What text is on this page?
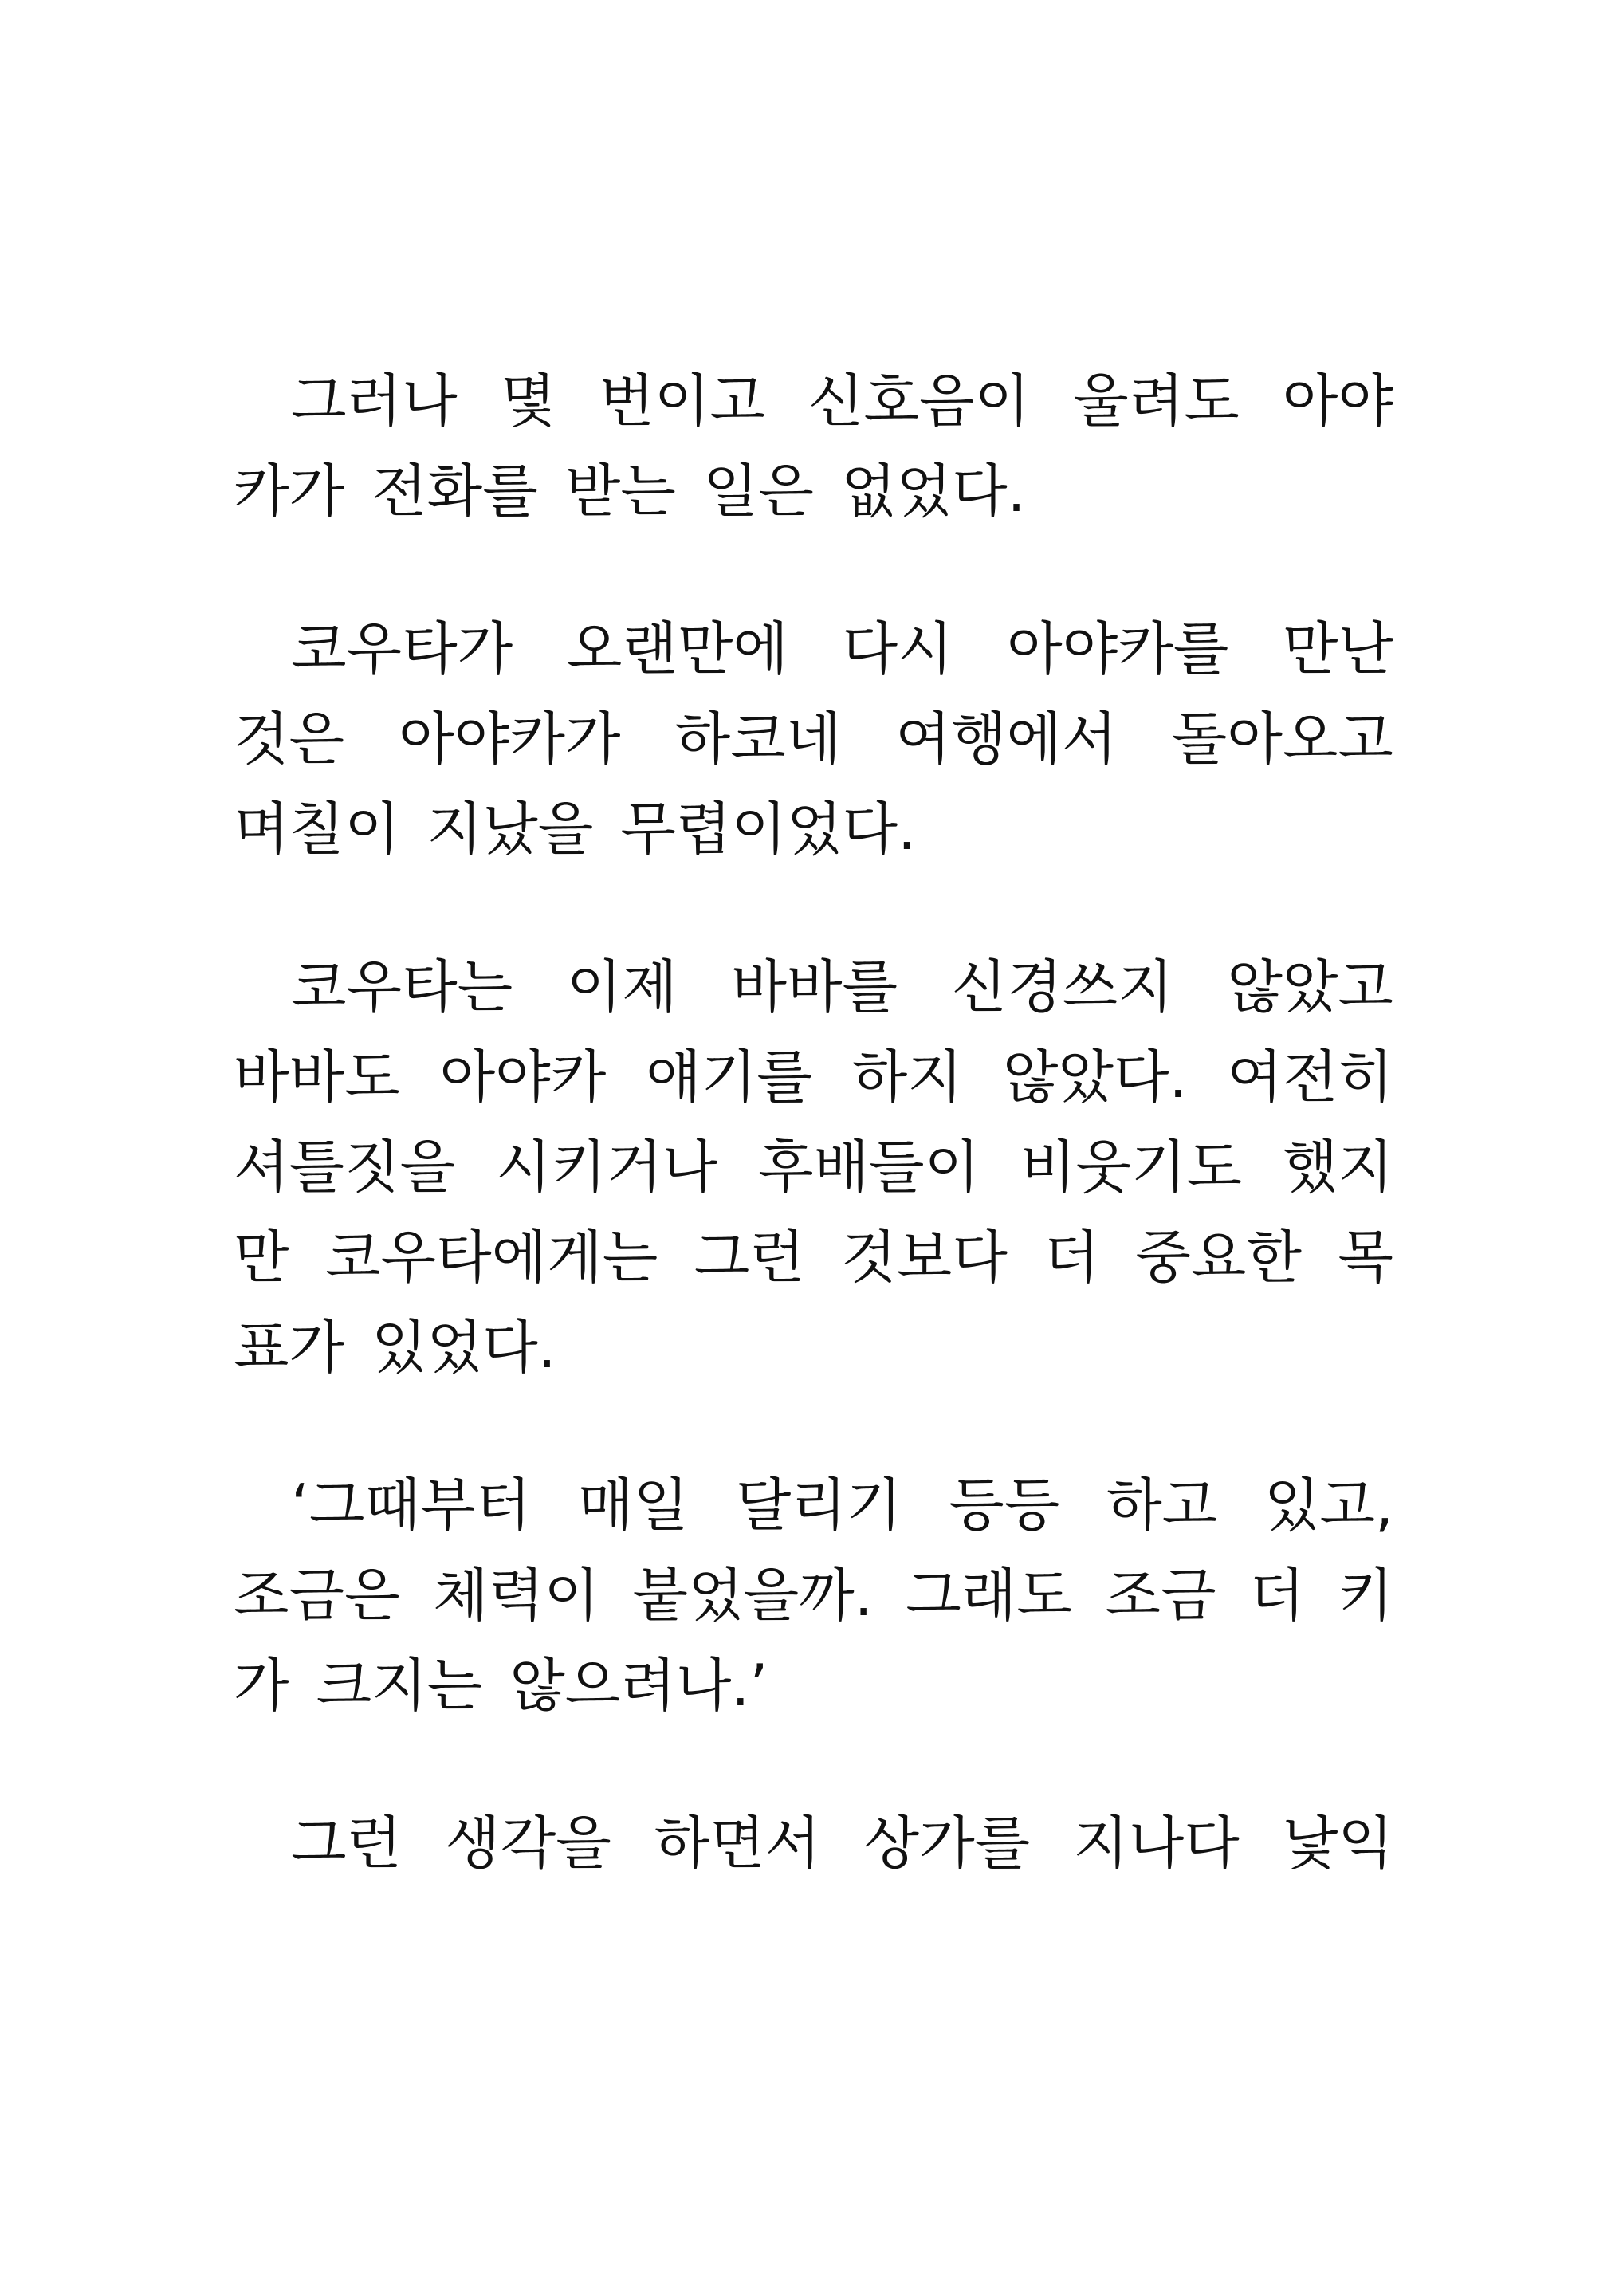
그러나 몇 번이고 신호음이 울려도 아야
카가 전화를 받는 일은 없었다.
코우타가 오랜만에 다시 아야카를 만난
것은 아야카가 하코네 여행에서 돌아오고
며칠이 지났을 무렵이었다.
코우타는 이제 바바를 신경쓰지 않았고
바바도 아야카 얘기를 하지 않았다. 여전히
셔틀짓을 시키거나 후배들이 비웃기도 했지
만 코우타에게는 그런 것보다 더 중요한 목
표가 있었다.
‘그때부터 매일 달리기 등등 하고 있고,
조금은 체력이 붙었을까. 그래도 조금 더 키
가 크지는 않으려나.’
그런 생각을 하면서 상가를 지나다 낯익
